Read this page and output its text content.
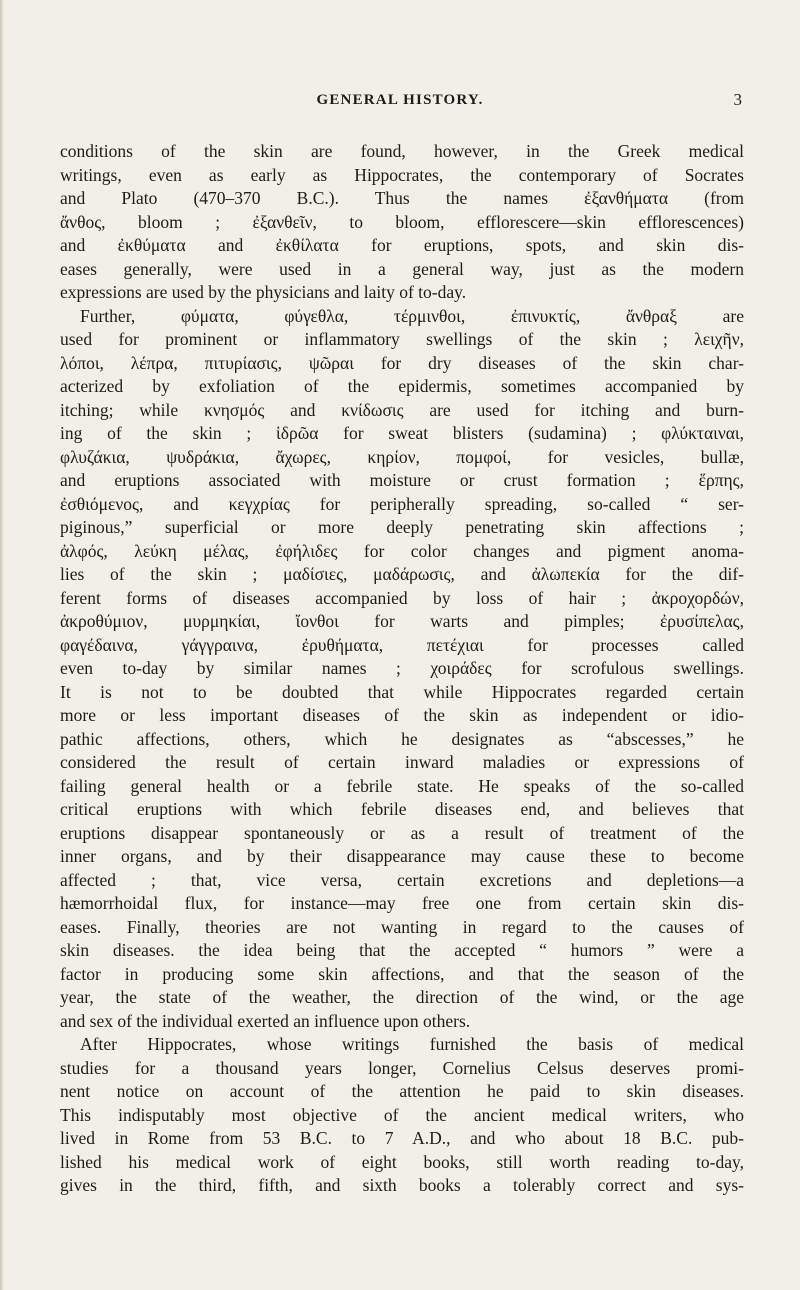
GENERAL HISTORY.	3
conditions of the skin are found, however, in the Greek medical
writings, even as early as Hippocrates, the contemporary of Socrates
and Plato (470–370 B.C.). Thus the names ἐξανθήματα (from
ἄνθος, bloom ; ἐξανθεῖν, to bloom, efflorescere—skin efflorescences)
and ἐκθύματα and ἐκθίλατα for eruptions, spots, and skin dis-
eases generally, were used in a general way, just as the modern
expressions are used by the physicians and laity of to-day.
Further, φύματα, φύγεθλα, τέρμινθοι, ἐπινυκτίς, ἄνθραξ are
used for prominent or inflammatory swellings of the skin ; λειχῆν,
λόποι, λέπρα, πιτυρίασις, ψῶραι for dry diseases of the skin char-
acterized by exfoliation of the epidermis, sometimes accompanied by
itching; while κνησμός and κνίδωσις are used for itching and burn-
ing of the skin ; ἱδρῶα for sweat blisters (sudamina) ; φλύκταιναι,
φλυζάκια, ψυδράκια, ἄχωρες, κηρίον, πομφοί, for vesicles, bullæ,
and eruptions associated with moisture or crust formation ; ἕρπης,
ἐσθιόμενος, and κεγχρίας for peripherally spreading, so-called “ ser-
piginous,” superficial or more deeply penetrating skin affections ;
ἀλφός, λεύκη μέλας, ἐφήλιδες for color changes and pigment anoma-
lies of the skin ; μαδίσιες, μαδάρωσις, and ἀλωπεκία for the dif-
ferent forms of diseases accompanied by loss of hair ; ἀκροχορδών,
ἀκροθύμιον, μυρμηκίαι, ἴονθοι for warts and pimples; ἐρυσίπελας,
φαγέδαινα, γάγγραινα, ἐρυθήματα, πετέχιαι for processes called
even to-day by similar names ; χοιράδες for scrofulous swellings.
It is not to be doubted that while Hippocrates regarded certain
more or less important diseases of the skin as independent or idio-
pathic affections, others, which he designates as “abscesses,” he
considered the result of certain inward maladies or expressions of
failing general health or a febrile state. He speaks of the so-called
critical eruptions with which febrile diseases end, and believes that
eruptions disappear spontaneously or as a result of treatment of the
inner organs, and by their disappearance may cause these to become
affected ; that, vice versa, certain excretions and depletions—a
hæmorrhoidal flux, for instance—may free one from certain skin dis-
eases. Finally, theories are not wanting in regard to the causes of
skin diseases. the idea being that the accepted “ humors ” were a
factor in producing some skin affections, and that the season of the
year, the state of the weather, the direction of the wind, or the age
and sex of the individual exerted an influence upon others.
After Hippocrates, whose writings furnished the basis of medical
studies for a thousand years longer, Cornelius Celsus deserves promi-
nent notice on account of the attention he paid to skin diseases.
This indisputably most objective of the ancient medical writers, who
lived in Rome from 53 B.C. to 7 A.D., and who about 18 B.C. pub-
lished his medical work of eight books, still worth reading to-day,
gives in the third, fifth, and sixth books a tolerably correct and sys-
